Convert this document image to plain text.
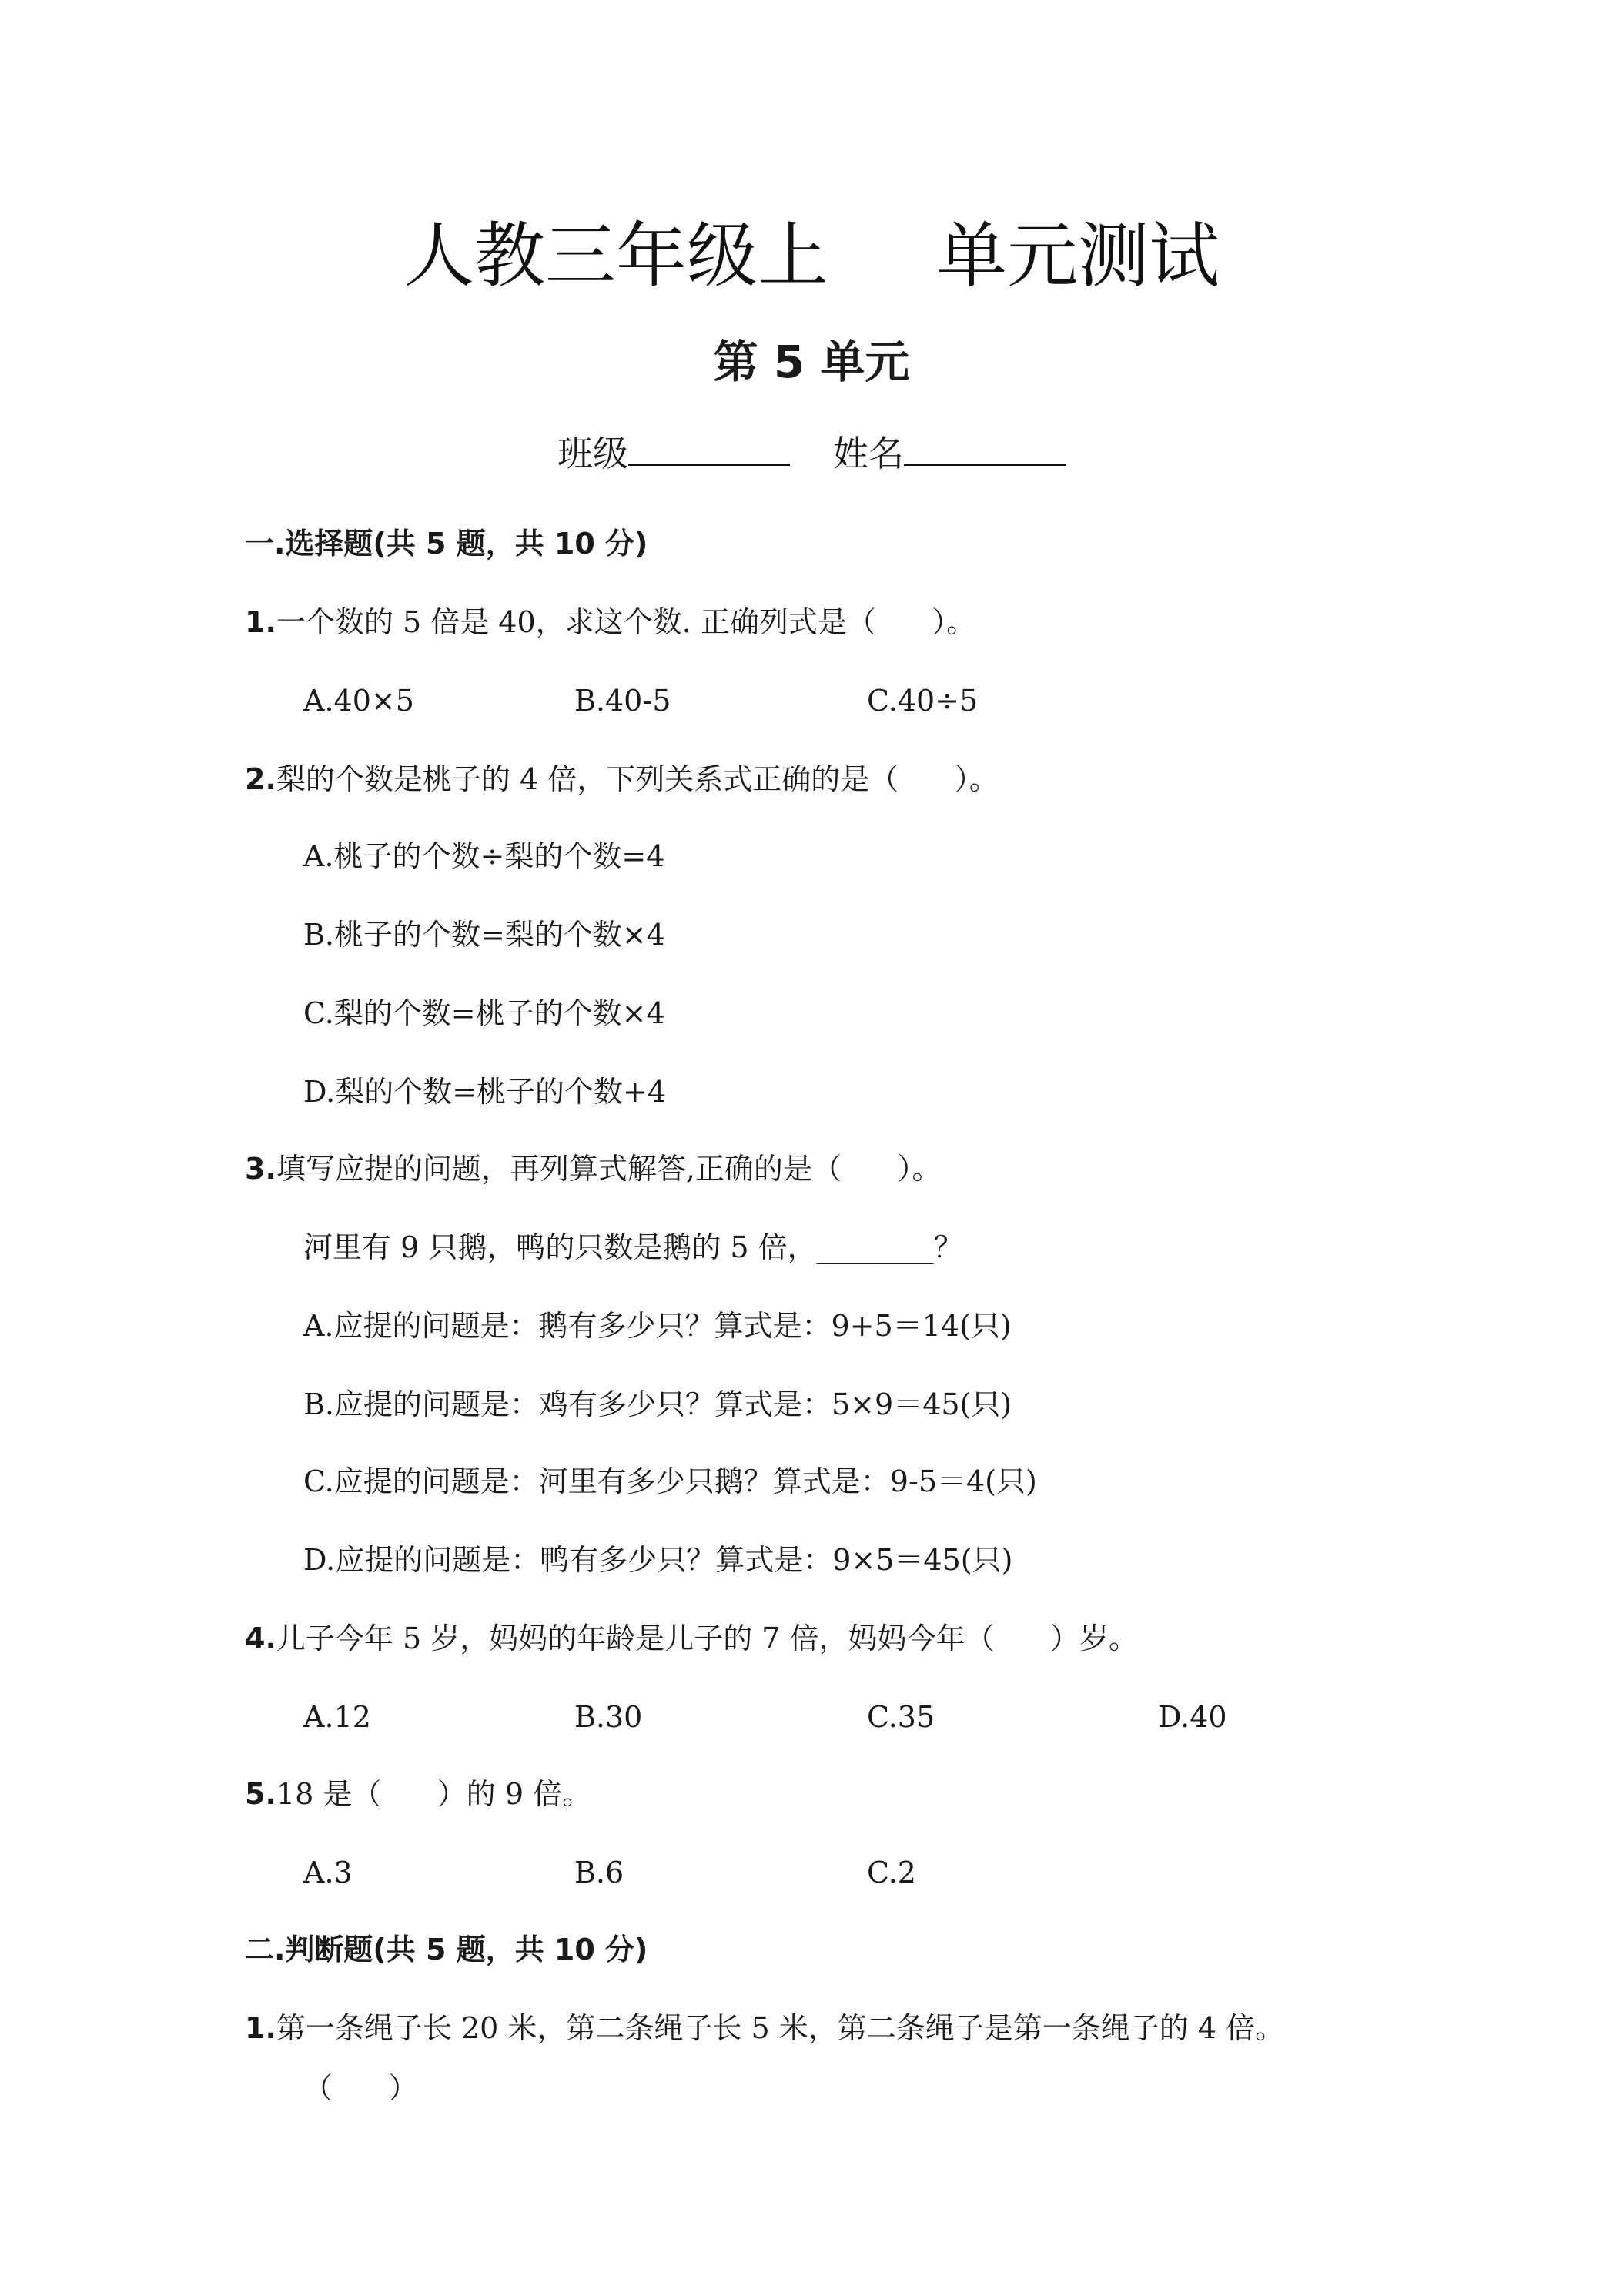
人教三年级上 单元测试
第 5 单元
班级	姓名
一.选择题(共 5 题，共 10 分)
1.一个数的 5 倍是 40，求这个数. 正确列式是（      ）。
A.40×5	B.40-5	C.40÷5
2.梨的个数是桃子的 4 倍，下列关系式正确的是（      ）。
A.桃子的个数÷梨的个数=4
B.桃子的个数=梨的个数×4
C.梨的个数=桃子的个数×4
D.梨的个数=桃子的个数+4
3.填写应提的问题，再列算式解答,正确的是（      ）。
河里有 9 只鹅，鸭的只数是鹅的 5 倍，________？
A.应提的问题是：鹅有多少只？算式是：9+5＝14(只)
B.应提的问题是：鸡有多少只？算式是：5×9＝45(只)
C.应提的问题是：河里有多少只鹅？算式是：9-5＝4(只)
D.应提的问题是：鸭有多少只？算式是：9×5＝45(只)
4.儿子今年 5 岁，妈妈的年龄是儿子的 7 倍，妈妈今年（      ）岁。
A.12	B.30	C.35	D.40
5.18 是（      ）的 9 倍。
A.3	B.6	C.2
二.判断题(共 5 题，共 10 分)
1.第一条绳子长 20 米，第二条绳子长 5 米，第二条绳子是第一条绳子的 4 倍。
（      ）
